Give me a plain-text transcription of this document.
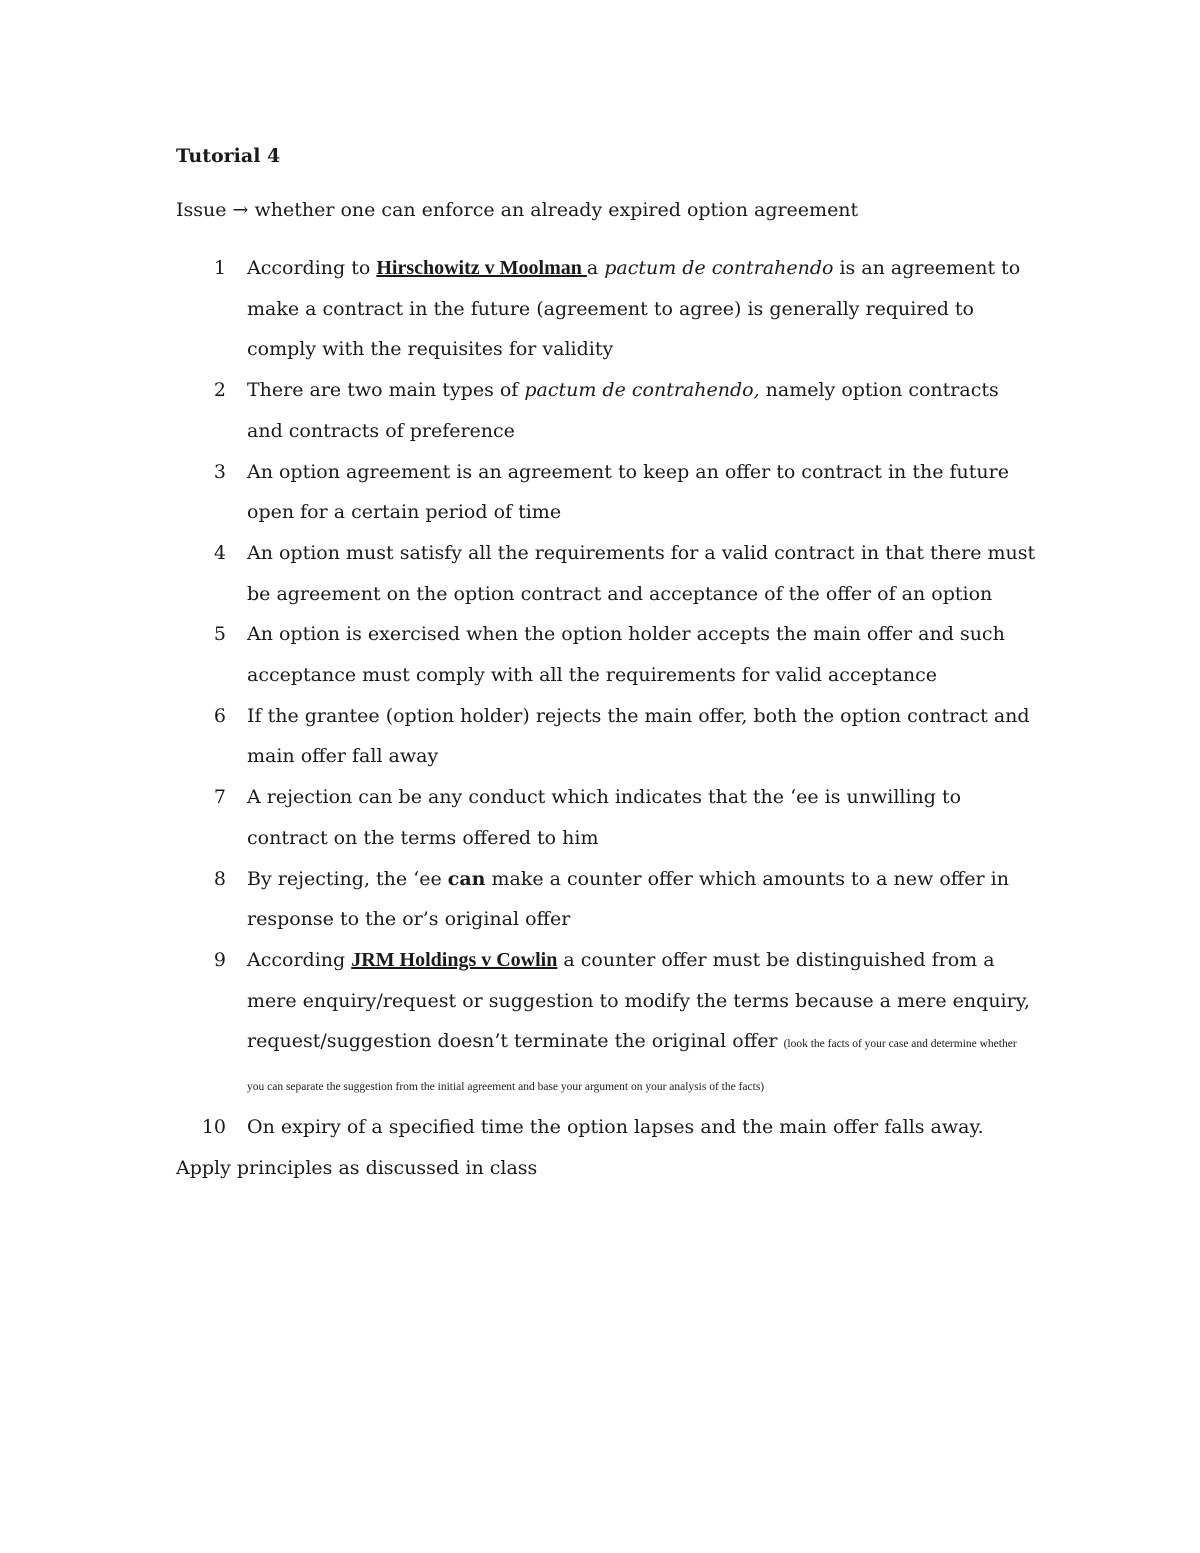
Tutorial 4
Issue → whether one can enforce an already expired option agreement
1 According to Hirschowitz v Moolman a pactum de contrahendo is an agreement to make a contract in the future (agreement to agree) is generally required to comply with the requisites for validity
2 There are two main types of pactum de contrahendo, namely option contracts and contracts of preference
3 An option agreement is an agreement to keep an offer to contract in the future open for a certain period of time
4 An option must satisfy all the requirements for a valid contract in that there must be agreement on the option contract and acceptance of the offer of an option
5 An option is exercised when the option holder accepts the main offer and such acceptance must comply with all the requirements for valid acceptance
6 If the grantee (option holder) rejects the main offer, both the option contract and main offer fall away
7 A rejection can be any conduct which indicates that the ‘ee is unwilling to contract on the terms offered to him
8 By rejecting, the ‘ee can make a counter offer which amounts to a new offer in response to the or’s original offer
9 According JRM Holdings v Cowlin a counter offer must be distinguished from a mere enquiry/request or suggestion to modify the terms because a mere enquiry, request/suggestion doesn’t terminate the original offer (look the facts of your case and determine whether you can separate the suggestion from the initial agreement and base your argument on your analysis of the facts)
10 On expiry of a specified time the option lapses and the main offer falls away.
Apply principles as discussed in class
